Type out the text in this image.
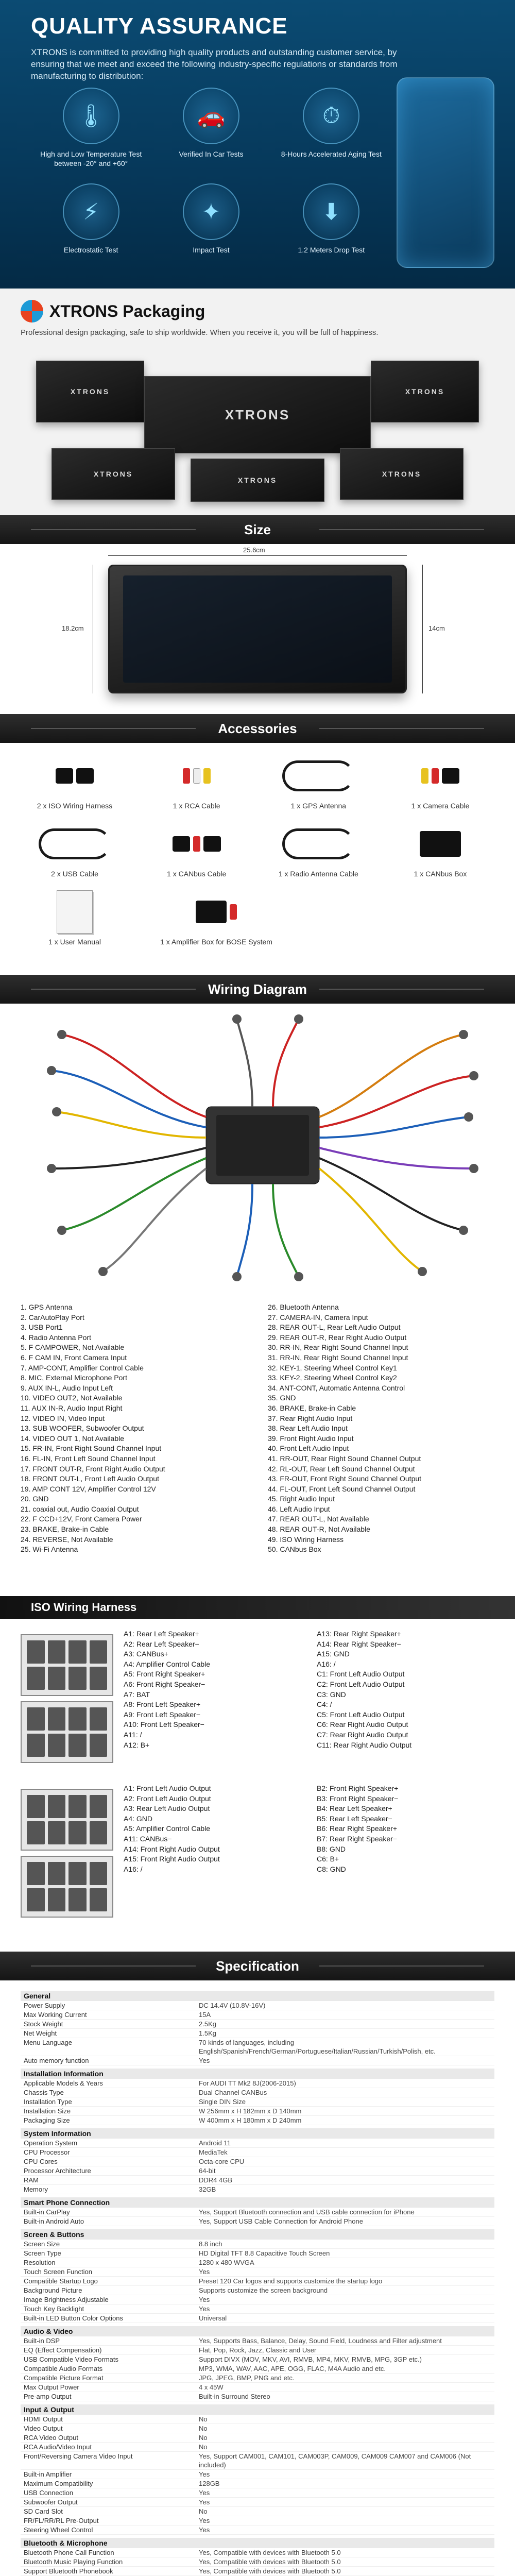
QUALITY ASSURANCE

XTRONS is committed to providing high quality products and outstanding customer service, by ensuring that we meet and exceed the following industry-specific regulations or standards from manufacturing to distribution:

🌡
High and Low Temperature Test between -20° and +60°
🚗
Verified In Car Tests
⏱
8-Hours Accelerated Aging Test
⚡
Electrostatic Test
✦
Impact Test
⬇
1.2 Meters Drop Test
XTRONS Packaging

Professional design packaging, safe to ship worldwide. When you receive it, you will be full of happiness.

XTRONS	XTRONS
XTRONS
XTRONS
XTRONS
XTRONS
Size
25.6cm
18.2cm	14cm
Accessories
2 x ISO Wiring Harness	1 x RCA Cable	1 x GPS Antenna	1 x Camera Cable
2 x USB Cable	1 x CANbus Cable	1 x Radio Antenna Cable	1 x CANbus Box
1 x User Manual	1 x Amplifier Box for BOSE System
Wiring Diagram
1. GPS Antenna
2. CarAutoPlay Port
3. USB Port1
4. Radio Antenna Port
5. F CAMPOWER, Not Available
6. F CAM IN, Front Camera Input
7. AMP-CONT, Amplifier Control Cable
8. MIC, External Microphone Port
9. AUX IN-L, Audio Input Left
10. VIDEO OUT2, Not Available
11. AUX IN-R, Audio Input Right
12. VIDEO IN, Video Input
13. SUB WOOFER, Subwoofer Output
14. VIDEO OUT 1, Not Available
15. FR-IN, Front Right Sound Channel Input
16. FL-IN, Front Left Sound Channel Input
17. FRONT OUT-R, Front Right Audio Output
18. FRONT OUT-L, Front Left Audio Output
19. AMP CONT 12V, Amplifier Control 12V
20. GND
21. coaxial out, Audio Coaxial Output
22. F CCD+12V, Front Camera Power
23. BRAKE, Brake-in Cable
24. REVERSE, Not Available
25. Wi-Fi Antenna
26. Bluetooth Antenna
27. CAMERA-IN, Camera Input
28. REAR OUT-L, Rear Left Audio Output
29. REAR OUT-R, Rear Right Audio Output
30. RR-IN, Rear Right Sound Channel Input
31. RR-IN, Rear Right Sound Channel Input
32. KEY-1, Steering Wheel Control Key1
33. KEY-2, Steering Wheel Control Key2
34. ANT-CONT, Automatic Antenna Control
35. GND
36. BRAKE, Brake-in Cable
37. Rear Right Audio Input
38. Rear Left Audio Input
39. Front Right Audio Input
40. Front Left Audio Input
41. RR-OUT, Rear Right Sound Channel Output
42. RL-OUT, Rear Left Sound Channel Output
43. FR-OUT, Front Right Sound Channel Output
44. FL-OUT, Front Left Sound Channel Output
45. Right Audio Input
46. Left Audio Input
47. REAR OUT-L, Not Available
48. REAR OUT-R, Not Available
49. ISO Wiring Harness
50. CANbus Box
ISO Wiring Harness
A1: Rear Left Speaker+
A2: Rear Left Speaker−
A3: CANBus+
A4: Amplifier Control Cable
A5: Front Right Speaker+
A6: Front Right Speaker−
A7: BAT
A8: Front Left Speaker+
A9: Front Left Speaker−
A10: Front Left Speaker−
A11: /
A12: B+
A13: Rear Right Speaker+
A14: Rear Right Speaker−
A15: GND
A16: /
C1: Front Left Audio Output
C2: Front Left Audio Output
C3: GND
C4: /
C5: Front Left Audio Output
C6: Rear Right Audio Output
C7: Rear Right Audio Output
C11: Rear Right Audio Output
A1: Front Left Audio Output
A2: Front Left Audio Output
A3: Rear Left Audio Output
A4: GND
A5: Amplifier Control Cable
A11: CANBus−
A14: Front Right Audio Output
A15: Front Right Audio Output
A16: /
B2: Front Right Speaker+
B3: Front Right Speaker−
B4: Rear Left Speaker+
B5: Rear Left Speaker−
B6: Rear Right Speaker+
B7: Rear Right Speaker−
B8: GND
C6: B+
C8: GND
Specification
General
Power Supply	DC 14.4V (10.8V-16V)
Max Working Current	15A
Stock Weight	2.5Kg
Net Weight	1.5Kg
Menu Language	70 kinds of languages, including English/Spanish/French/German/Portuguese/Italian/Russian/Turkish/Polish, etc.
Auto memory function	Yes
Installation Information
Applicable Models & Years	For AUDI TT Mk2 8J(2006-2015)
Chassis Type	Dual Channel CANBus
Installation Type	Single DIN Size
Installation Size	W 256mm x H 182mm x D 140mm
Packaging Size	W 400mm x H 180mm x D 240mm
System Information
Operation System	Android 11
CPU Processor	MediaTek
CPU Cores	Octa-core CPU
Processor Architecture	64-bit
RAM	DDR4 4GB
Memory	32GB
Smart Phone Connection
Built-in CarPlay	Yes, Support Bluetooth connection and USB cable connection for iPhone
Built-in Android Auto	Yes, Support USB Cable Connection for Android Phone
Screen & Buttons
Screen Size	8.8 inch
Screen Type	HD Digital TFT 8.8 Capacitive Touch Screen
Resolution	1280 x 480 WVGA
Touch Screen Function	Yes
Compatible Startup Logo	Preset 120 Car logos and supports customize the startup logo
Background Picture	Supports customize the screen background
Image Brightness Adjustable	Yes
Touch Key Backlight	Yes
Built-in LED Button Color Options	Universal
Audio & Video
Built-in DSP	Yes, Supports Bass, Balance, Delay, Sound Field, Loudness and Filter adjustment
EQ (Effect Compensation)	Flat, Pop, Rock, Jazz, Classic and User
USB Compatible Video Formats	Support DIVX (MOV, MKV, AVI, RMVB, MP4, MKV, RMVB, MPG, 3GP etc.)
Compatible Audio Formats	MP3, WMA, WAV, AAC, APE, OGG, FLAC, M4A Audio and etc.
Compatible Picture Format	JPG, JPEG, BMP, PNG and etc.
Max Output Power	4 x 45W
Pre-amp Output	Built-in Surround Stereo
Input & Output
HDMI Output	No
Video Output	No
RCA Video Output	No
RCA Audio/Video Input	No
Front/Reversing Camera Video Input	Yes, Support CAM001, CAM101, CAM003P, CAM009, CAM009 CAM007 and CAM006 (Not included)
Built-in Amplifier	Yes
Maximum Compatibility	128GB
USB Connection	Yes
Subwoofer Output	Yes
SD Card Slot	No
FR/FL/RR/RL Pre-Output	Yes
Steering Wheel Control	Yes
Bluetooth & Microphone
Bluetooth Phone Call Function	Yes, Compatible with devices with Bluetooth 5.0
Bluetooth Music Playing Function	Yes, Compatible with devices with Bluetooth 5.0
Support Bluetooth Phonebook	Yes, Compatible with devices with Bluetooth 5.0
